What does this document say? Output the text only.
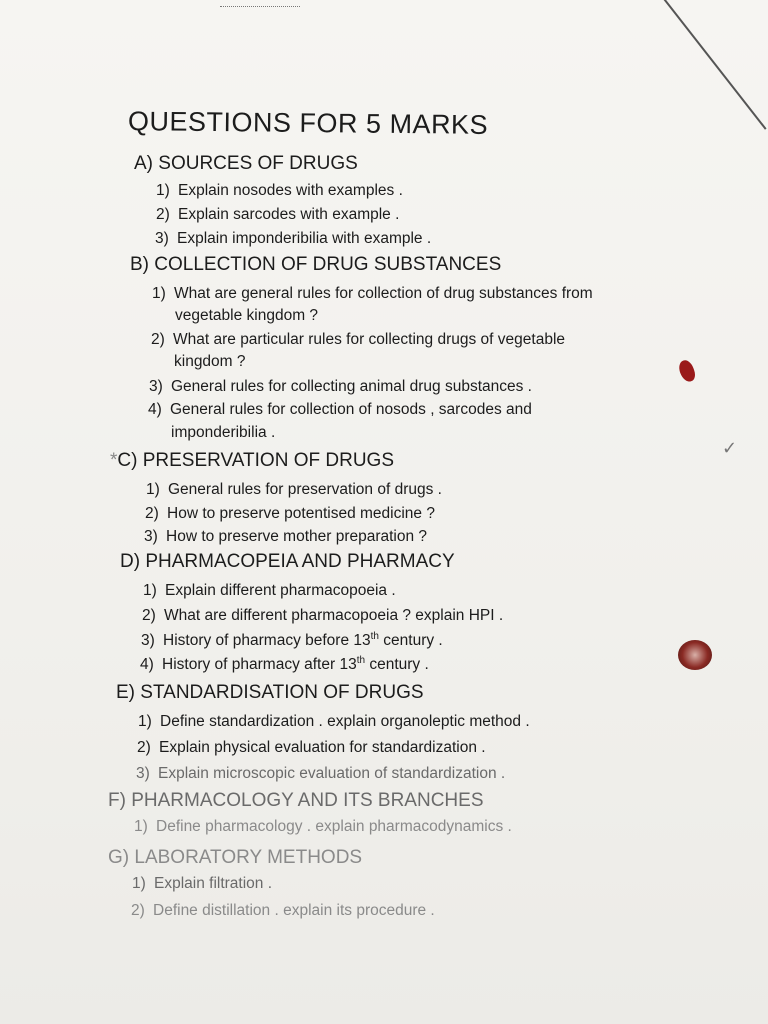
✓
QUESTIONS FOR 5 MARKS
A) SOURCES OF DRUGS
1) Explain nosodes with examples .
2) Explain sarcodes with example .
3) Explain imponderibilia with example .
B) COLLECTION OF DRUG SUBSTANCES
1) What are general rules for collection of drug substances from
vegetable kingdom ?
2) What are particular rules for collecting drugs of vegetable
kingdom ?
3) General rules for collecting animal drug substances .
4) General rules for collection of nosods , sarcodes and
imponderibilia .
*C) PRESERVATION OF DRUGS
1) General rules for preservation of drugs .
2) How to preserve potentised medicine ?
3) How to preserve mother preparation ?
D) PHARMACOPEIA AND PHARMACY
1) Explain different pharmacopoeia .
2) What are different pharmacopoeia ? explain HPI .
3) History of pharmacy before 13th century .
4) History of pharmacy after 13th century .
E) STANDARDISATION OF DRUGS
1) Define standardization . explain organoleptic method .
2) Explain physical evaluation for standardization .
3) Explain microscopic evaluation of standardization .
F) PHARMACOLOGY AND ITS BRANCHES
1) Define pharmacology . explain pharmacodynamics .
G) LABORATORY METHODS
1) Explain filtration .
2) Define distillation . explain its procedure .
